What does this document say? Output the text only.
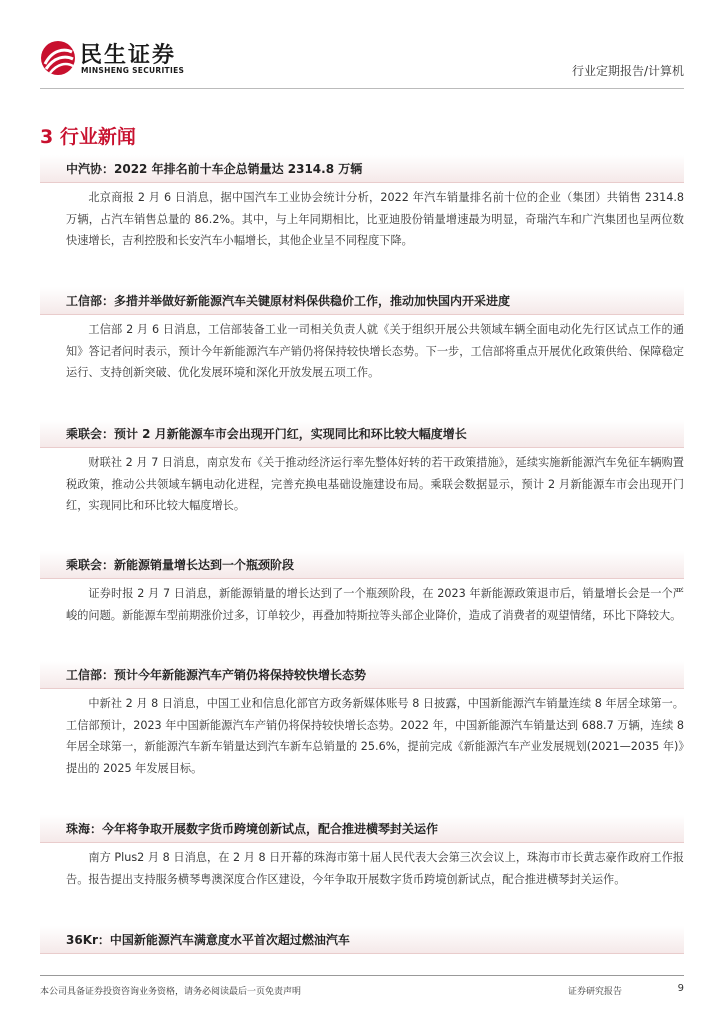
民生证券
MINSHENG SECURITIES	行业定期报告/计算机
3 行业新闻
中汽协：2022 年排名前十车企总销量达 2314.8 万辆

北京商报 2 月 6 日消息，据中国汽车工业协会统计分析，2022 年汽车销量排名前十位的企业（集团）共销售 2314.8 万辆，占汽车销售总量的 86.2%。其中，与上年同期相比，比亚迪股份销量增速最为明显，奇瑞汽车和广汽集团也呈两位数快速增长，吉利控股和长安汽车小幅增长，其他企业呈不同程度下降。

工信部：多措并举做好新能源汽车关键原材料保供稳价工作，推动加快国内开采进度

工信部 2 月 6 日消息，工信部装备工业一司相关负责人就《关于组织开展公共领域车辆全面电动化先行区试点工作的通知》答记者问时表示，预计今年新能源汽车产销仍将保持较快增长态势。下一步，工信部将重点开展优化政策供给、保障稳定运行、支持创新突破、优化发展环境和深化开放发展五项工作。

乘联会：预计 2 月新能源车市会出现开门红，实现同比和环比较大幅度增长

财联社 2 月 7 日消息，南京发布《关于推动经济运行率先整体好转的若干政策措施》，延续实施新能源汽车免征车辆购置税政策，推动公共领域车辆电动化进程，完善充换电基础设施建设布局。乘联会数据显示，预计 2 月新能源车市会出现开门红，实现同比和环比较大幅度增长。

乘联会：新能源销量增长达到一个瓶颈阶段

证券时报 2 月 7 日消息，新能源销量的增长达到了一个瓶颈阶段，在 2023 年新能源政策退市后，销量增长会是一个严峻的问题。新能源车型前期涨价过多，订单较少，再叠加特斯拉等头部企业降价，造成了消费者的观望情绪，环比下降较大。

工信部：预计今年新能源汽车产销仍将保持较快增长态势

中新社 2 月 8 日消息，中国工业和信息化部官方政务新媒体账号 8 日披露，中国新能源汽车销量连续 8 年居全球第一。工信部预计，2023 年中国新能源汽车产销仍将保持较快增长态势。2022 年，中国新能源汽车销量达到 688.7 万辆，连续 8 年居全球第一，新能源汽车新车销量达到汽车新车总销量的 25.6%，提前完成《新能源汽车产业发展规划(2021—2035 年)》提出的 2025 年发展目标。

珠海：今年将争取开展数字货币跨境创新试点，配合推进横琴封关运作

南方 Plus2 月 8 日消息，在 2 月 8 日开幕的珠海市第十届人民代表大会第三次会议上，珠海市市长黄志豪作政府工作报告。报告提出支持服务横琴粤澳深度合作区建设，今年争取开展数字货币跨境创新试点，配合推进横琴封关运作。

36Kr：中国新能源汽车满意度水平首次超过燃油汽车
本公司具备证券投资咨询业务资格，请务必阅读最后一页免责声明	证券研究报告	9
